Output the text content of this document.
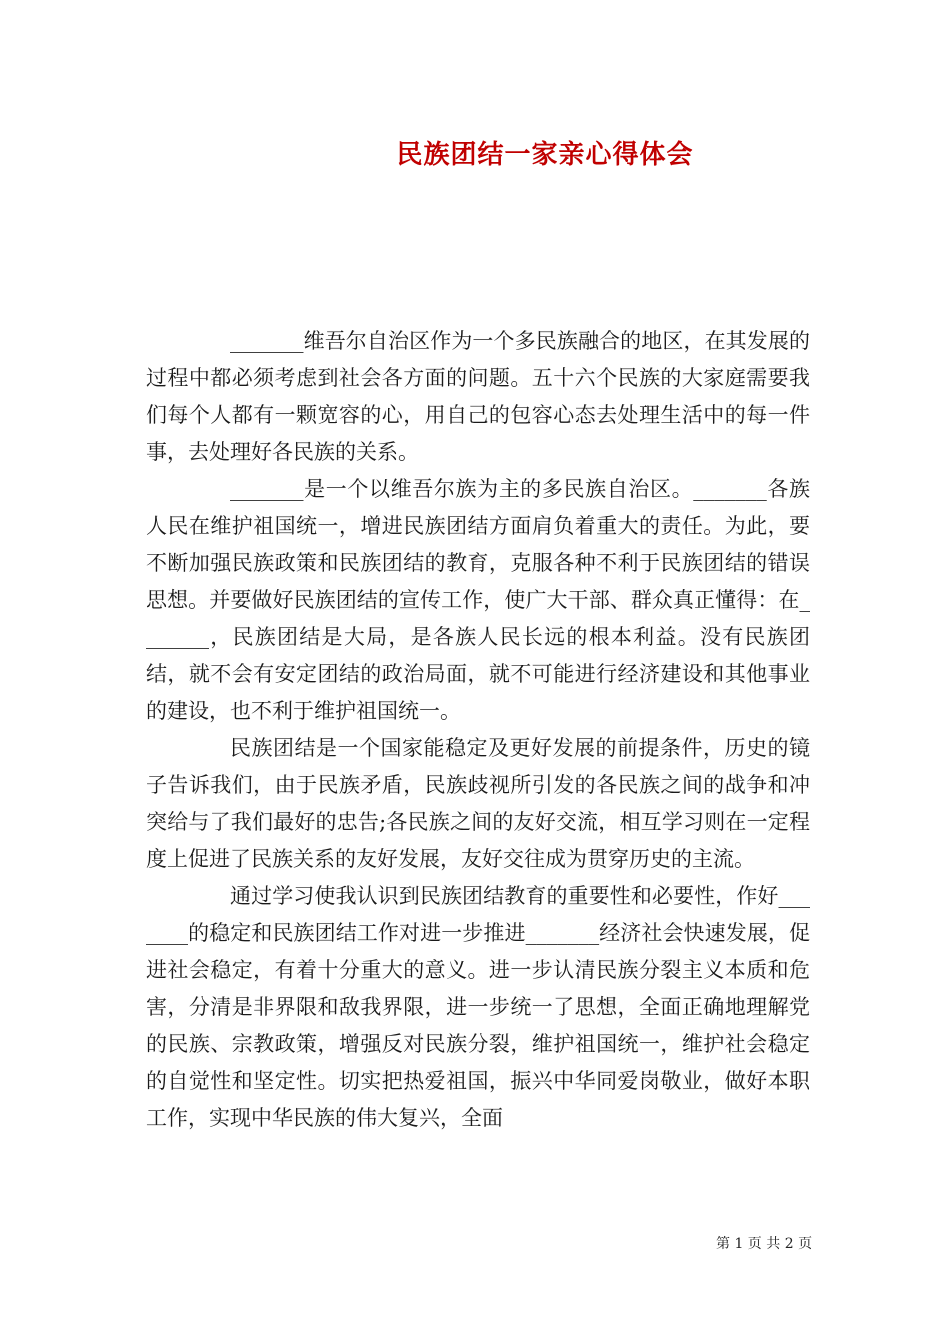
民族团结一家亲心得体会

_______维吾尔自治区作为一个多民族融合的地区，在其发展的过程中都必须考虑到社会各方面的问题。五十六个民族的大家庭需要我们每个人都有一颗宽容的心，用自己的包容心态去处理生活中的每一件事，去处理好各民族的关系。

_______是一个以维吾尔族为主的多民族自治区。_______各族人民在维护祖国统一，增进民族团结方面肩负着重大的责任。为此，要不断加强民族政策和民族团结的教育，克服各种不利于民族团结的错误思想。并要做好民族团结的宣传工作，使广大干部、群众真正懂得：在_______，民族团结是大局，是各族人民长远的根本利益。没有民族团结，就不会有安定团结的政治局面，就不可能进行经济建设和其他事业的建设，也不利于维护祖国统一。

民族团结是一个国家能稳定及更好发展的前提条件，历史的镜子告诉我们，由于民族矛盾，民族歧视所引发的各民族之间的战争和冲突给与了我们最好的忠告;各民族之间的友好交流，相互学习则在一定程度上促进了民族关系的友好发展，友好交往成为贯穿历史的主流。

通过学习使我认识到民族团结教育的重要性和必要性，作好_______的稳定和民族团结工作对进一步推进_______经济社会快速发展，促进社会稳定，有着十分重大的意义。进一步认清民族分裂主义本质和危害，分清是非界限和敌我界限，进一步统一了思想，全面正确地理解党的民族、宗教政策，增强反对民族分裂，维护祖国统一，维护社会稳定的自觉性和坚定性。切实把热爱祖国，振兴中华同爱岗敬业，做好本职工作，实现中华民族的伟大复兴，全面

第 1 页 共 2 页
